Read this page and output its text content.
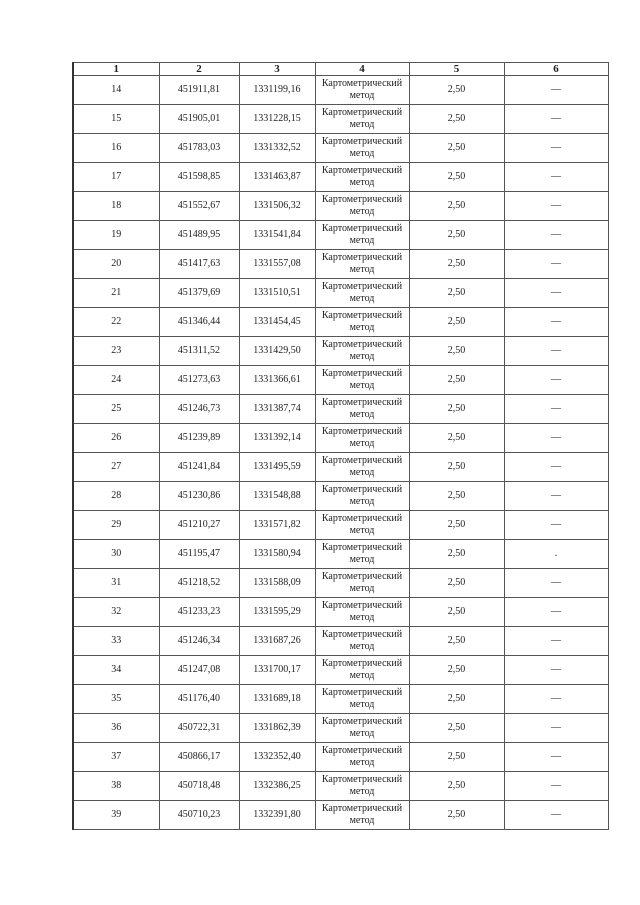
1	2	3	4	5	6
14	451911,81	1331199,16	Картометрический метод	2,50	—
15	451905,01	1331228,15	Картометрический метод	2,50	—
16	451783,03	1331332,52	Картометрический метод	2,50	—
17	451598,85	1331463,87	Картометрический метод	2,50	—
18	451552,67	1331506,32	Картометрический метод	2,50	—
19	451489,95	1331541,84	Картометрический метод	2,50	—
20	451417,63	1331557,08	Картометрический метод	2,50	—
21	451379,69	1331510,51	Картометрический метод	2,50	—
22	451346,44	1331454,45	Картометрический метод	2,50	—
23	451311,52	1331429,50	Картометрический метод	2,50	—
24	451273,63	1331366,61	Картометрический метод	2,50	—
25	451246,73	1331387,74	Картометрический метод	2,50	—
26	451239,89	1331392,14	Картометрический метод	2,50	—
27	451241,84	1331495,59	Картометрический метод	2,50	—
28	451230,86	1331548,88	Картометрический метод	2,50	—
29	451210,27	1331571,82	Картометрический метод	2,50	—
30	451195,47	1331580,94	Картометрический метод	2,50	.
31	451218,52	1331588,09	Картометрический метод	2,50	—
32	451233,23	1331595,29	Картометрический метод	2,50	—
33	451246,34	1331687,26	Картометрический метод	2,50	—
34	451247,08	1331700,17	Картометрический метод	2,50	—
35	451176,40	1331689,18	Картометрический метод	2,50	—
36	450722,31	1331862,39	Картометрический метод	2,50	—
37	450866,17	1332352,40	Картометрический метод	2,50	—
38	450718,48	1332386,25	Картометрический метод	2,50	—
39	450710,23	1332391,80	Картометрический метод	2,50	—
